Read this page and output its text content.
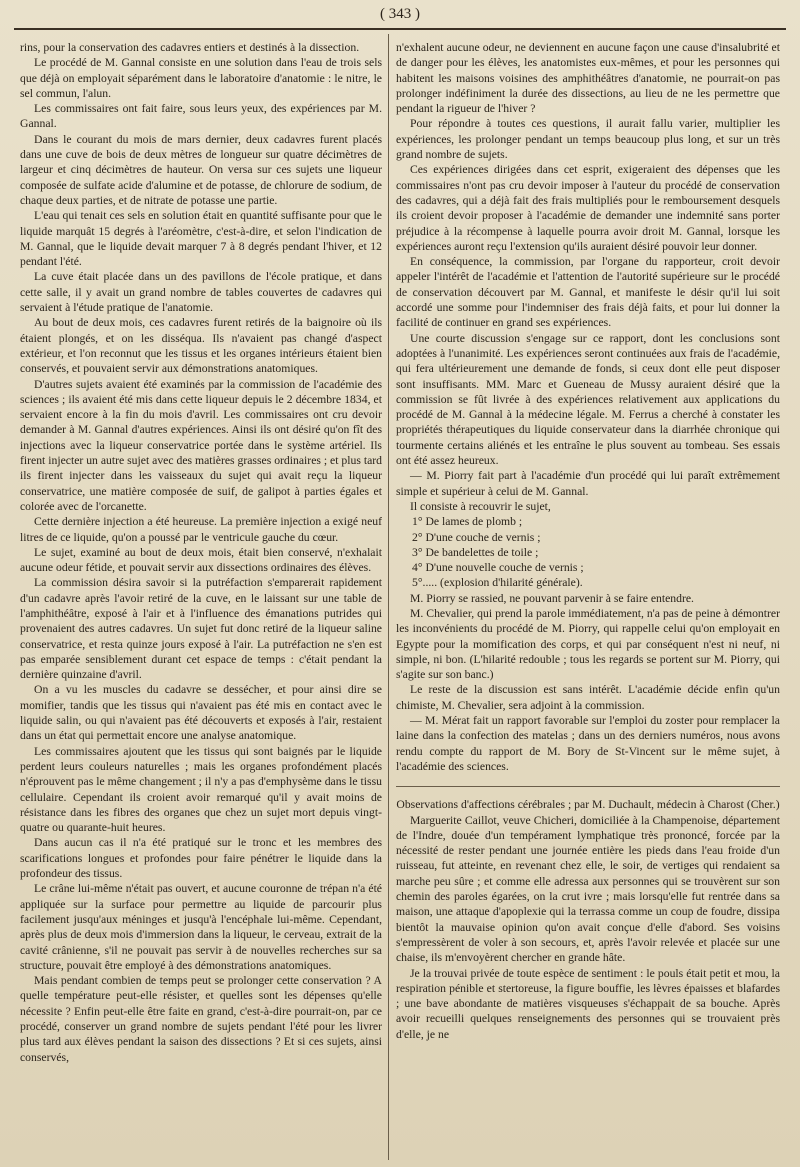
( 343 )

rins, pour la conservation des cadavres entiers et destinés à la dissection.

Le procédé de M. Gannal consiste en une solution dans l'eau de trois sels que déjà on employait séparément dans le laboratoire d'anatomie : le nitre, le sel commun, l'alun.

Les commissaires ont fait faire, sous leurs yeux, des expériences par M. Gannal.

Dans le courant du mois de mars dernier, deux cadavres furent placés dans une cuve de bois de deux mètres de longueur sur quatre décimètres de largeur et cinq décimètres de hauteur. On versa sur ces sujets une liqueur composée de sulfate acide d'alumine et de potasse, de chlorure de sodium, de chaque deux parties, et de nitrate de potasse une partie.

L'eau qui tenait ces sels en solution était en quantité suffisante pour que le liquide marquât 15 degrés à l'aréomètre, c'est-à-dire, et selon l'indication de M. Gannal, que le liquide devait marquer 7 à 8 degrés pendant l'hiver, et 12 pendant l'été.

La cuve était placée dans un des pavillons de l'école pratique, et dans cette salle, il y avait un grand nombre de tables couvertes de cadavres qui servaient à l'étude pratique de l'anatomie.

Au bout de deux mois, ces cadavres furent retirés de la baignoire où ils étaient plongés, et on les disséqua. Ils n'avaient pas changé d'aspect extérieur, et l'on reconnut que les tissus et les organes intérieurs étaient bien conservés, et pouvaient servir aux démonstrations anatomiques.

D'autres sujets avaient été examinés par la commission de l'académie des sciences ; ils avaient été mis dans cette liqueur depuis le 2 décembre 1834, et servaient encore à la fin du mois d'avril. Les commissaires ont cru devoir demander à M. Gannal d'autres expériences. Ainsi ils ont désiré qu'on fît des injections avec la liqueur conservatrice portée dans le système artériel. Ils firent injecter un autre sujet avec des matières grasses ordinaires ; et plus tard ils firent injecter dans les vaisseaux du sujet qui avait reçu la liqueur conservatrice, une matière composée de suif, de galipot à parties égales et colorée avec de l'orcanette.

Cette dernière injection a été heureuse. La première injection a exigé neuf litres de ce liquide, qu'on a poussé par le ventricule gauche du cœur.

Le sujet, examiné au bout de deux mois, était bien conservé, n'exhalait aucune odeur fétide, et pouvait servir aux dissections ordinaires des élèves.

La commission désira savoir si la putréfaction s'emparerait rapidement d'un cadavre après l'avoir retiré de la cuve, en le laissant sur une table de l'amphithéâtre, exposé à l'air et à l'influence des émanations putrides qui provenaient des autres cadavres. Un sujet fut donc retiré de la liqueur saline conservatrice, et resta quinze jours exposé à l'air. La putréfaction ne s'en est pas emparée sensiblement durant cet espace de temps : c'était pendant la dernière quinzaine d'avril.

On a vu les muscles du cadavre se dessécher, et pour ainsi dire se momifier, tandis que les tissus qui n'avaient pas été mis en contact avec le liquide salin, ou qui n'avaient pas été découverts et exposés à l'air, restaient dans un état qui permettait encore une analyse anatomique.

Les commissaires ajoutent que les tissus qui sont baignés par le liquide perdent leurs couleurs naturelles ; mais les organes profondément placés n'éprouvent pas le même changement ; il n'y a pas d'emphysème dans le tissu cellulaire. Cependant ils croient avoir remarqué qu'il y avait moins de résistance dans les fibres des organes que chez un sujet mort depuis vingt-quatre ou quarante-huit heures.

Dans aucun cas il n'a été pratiqué sur le tronc et les membres des scarifications longues et profondes pour faire pénétrer le liquide dans la profondeur des tissus.

Le crâne lui-même n'était pas ouvert, et aucune couronne de trépan n'a été appliquée sur la surface pour permettre au liquide de parcourir plus facilement jusqu'aux méninges et jusqu'à l'encéphale lui-même. Cependant, après plus de deux mois d'immersion dans la liqueur, le cerveau, extrait de la cavité crânienne, s'il ne pouvait pas servir à de nouvelles recherches sur sa structure, pouvait être employé à des démonstrations anatomiques.

Mais pendant combien de temps peut se prolonger cette conservation ? A quelle température peut-elle résister, et quelles sont les dépenses qu'elle nécessite ? Enfin peut-elle être faite en grand, c'est-à-dire pourrait-on, par ce procédé, conserver un grand nombre de sujets pendant l'été pour les livrer plus tard aux élèves pendant la saison des dissections ? Et si ces sujets, ainsi conservés,

n'exhalent aucune odeur, ne deviennent en aucune façon une cause d'insalubrité et de danger pour les élèves, les anatomistes eux-mêmes, et pour les personnes qui habitent les maisons voisines des amphithéâtres d'anatomie, ne pourrait-on pas prolonger indéfiniment la durée des dissections, au lieu de ne les permettre que pendant la rigueur de l'hiver ?

Pour répondre à toutes ces questions, il aurait fallu varier, multiplier les expériences, les prolonger pendant un temps beaucoup plus long, et sur un très grand nombre de sujets.

Ces expériences dirigées dans cet esprit, exigeraient des dépenses que les commissaires n'ont pas cru devoir imposer à l'auteur du procédé de conservation des cadavres, qui a déjà fait des frais multipliés pour le remboursement desquels ils croient devoir proposer à l'académie de demander une indemnité sans porter préjudice à la récompense à laquelle pourra avoir droit M. Gannal, lorsque les expériences auront reçu l'extension qu'ils auraient désiré pouvoir leur donner.

En conséquence, la commission, par l'organe du rapporteur, croit devoir appeler l'intérêt de l'académie et l'attention de l'autorité supérieure sur le procédé de conservation découvert par M. Gannal, et manifeste le désir qu'il lui soit accordé une somme pour l'indemniser des frais déjà faits, et pour lui donner la facilité de continuer en grand ses expériences.

Une courte discussion s'engage sur ce rapport, dont les conclusions sont adoptées à l'unanimité. Les expériences seront continuées aux frais de l'académie, qui fera ultérieurement une demande de fonds, si ceux dont elle peut disposer sont insuffisants. MM. Marc et Gueneau de Mussy auraient désiré que la commission se fût livrée à des expériences relativement aux applications du procédé de M. Gannal à la médecine légale. M. Ferrus a cherché à constater les propriétés thérapeutiques du liquide conservateur dans la diarrhée chronique qui tourmente certains aliénés et les entraîne le plus souvent au tombeau. Ses essais ont été assez heureux.

— M. Piorry fait part à l'académie d'un procédé qui lui paraît extrêmement simple et supérieur à celui de M. Gannal.

Il consiste à recouvrir le sujet,

1° De lames de plomb ;

2° D'une couche de vernis ;

3° De bandelettes de toile ;

4° D'une nouvelle couche de vernis ;

5°..... (explosion d'hilarité générale).

M. Piorry se rassied, ne pouvant parvenir à se faire entendre.

M. Chevalier, qui prend la parole immédiatement, n'a pas de peine à démontrer les inconvénients du procédé de M. Piorry, qui rappelle celui qu'on employait en Egypte pour la momification des corps, et qui par conséquent n'est ni neuf, ni simple, ni bon. (L'hilarité redouble ; tous les regards se portent sur M. Piorry, qui s'agite sur son banc.)

Le reste de la discussion est sans intérêt. L'académie décide enfin qu'un chimiste, M. Chevalier, sera adjoint à la commission.

— M. Mérat fait un rapport favorable sur l'emploi du zoster pour remplacer la laine dans la confection des matelas ; dans un des derniers numéros, nous avons rendu compte du rapport de M. Bory de St-Vincent sur le même sujet, à l'académie des sciences.

Observations d'affections cérébrales ; par M. Duchault, médecin à Charost (Cher.)

Marguerite Caillot, veuve Chicheri, domiciliée à la Champenoise, département de l'Indre, douée d'un tempérament lymphatique très prononcé, forcée par la nécessité de rester pendant une journée entière les pieds dans l'eau froide d'un ruisseau, fut atteinte, en revenant chez elle, le soir, de vertiges qui rendaient sa marche peu sûre ; et comme elle adressa aux personnes qui se trouvèrent sur son chemin des paroles égarées, on la crut ivre ; mais lorsqu'elle fut rentrée dans sa maison, une attaque d'apoplexie qui la terrassa comme un coup de foudre, dissipa bientôt la mauvaise opinion qu'on avait conçue d'elle d'abord. Ses voisins s'empressèrent de voler à son secours, et, après l'avoir relevée et placée sur une chaise, ils m'envoyèrent chercher en grande hâte.

Je la trouvai privée de toute espèce de sentiment : le pouls était petit et mou, la respiration pénible et stertoreuse, la figure bouffie, les lèvres épaisses et blafardes ; une bave abondante de matières visqueuses s'échappait de sa bouche. Après avoir recueilli quelques renseignements des personnes qui se trouvaient près d'elle, je ne
